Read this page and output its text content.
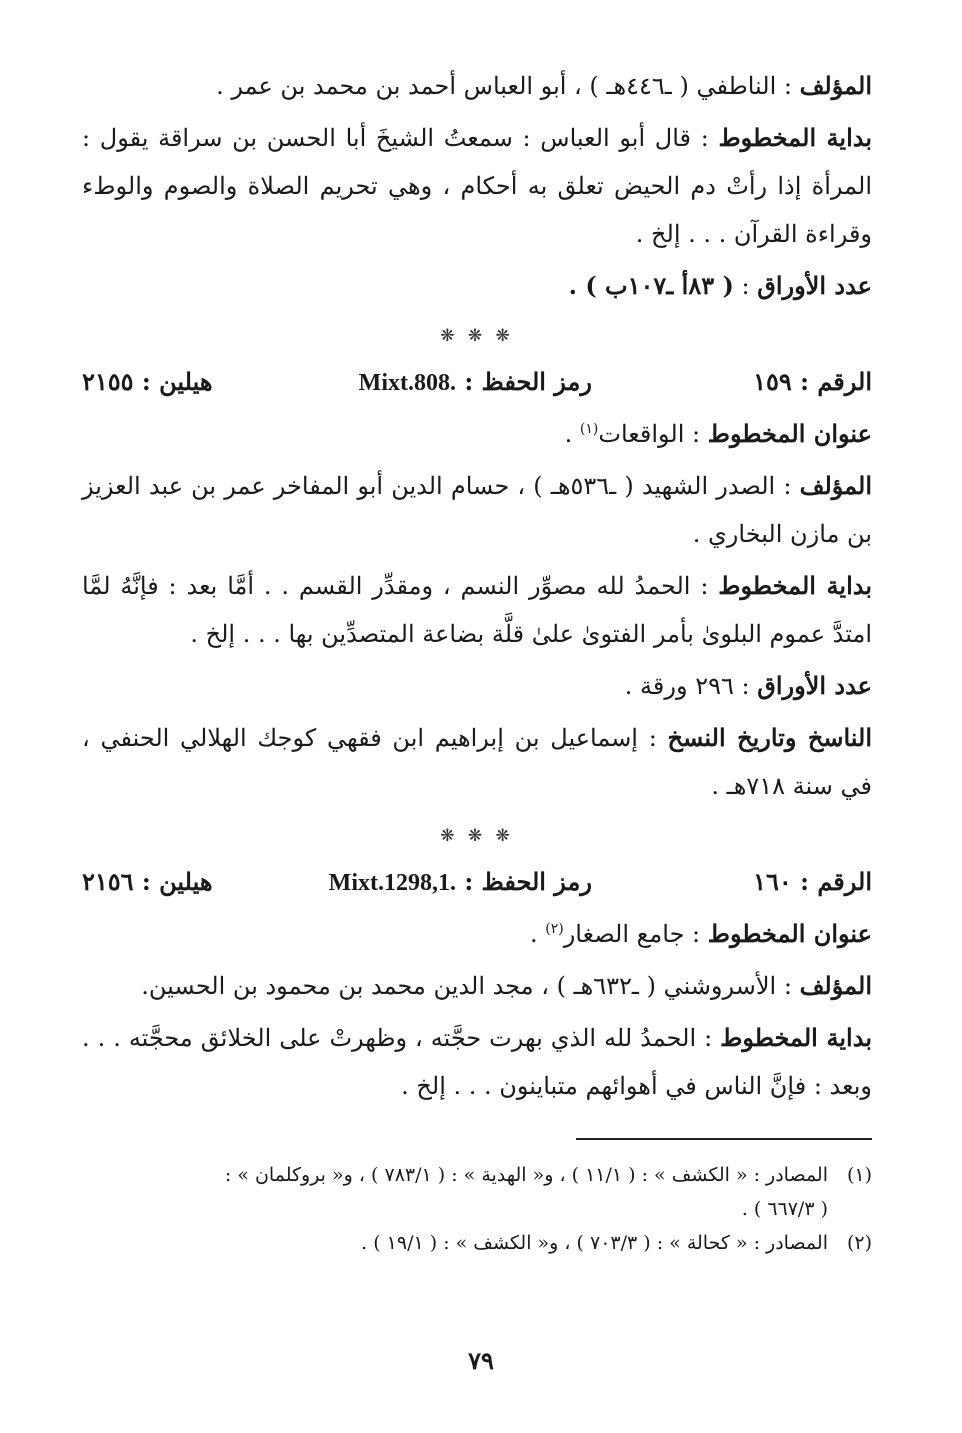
المؤلف : الناطفي ( ـ٤٤٦هـ ) ، أبو العباس أحمد بن محمد بن عمر .

بداية المخطوط : قال أبو العباس : سمعتُ الشيخَ أبا الحسن بن سراقة يقول : المرأة إذا رأتْ دم الحيض تعلق به أحكام ، وهي تحريم الصلاة والصوم والوطء وقراءة القرآن . . . إلخ .

عدد الأوراق : ( ٨٣أ ـ١٠٧ب ) .

❋ ❋ ❋
الرقم : ١٥٩
رمز الحفظ : Mixt.808.
هيلين : ٢١٥٥

عنوان المخطوط : الواقعات$^{(١)}$ .

المؤلف : الصدر الشهيد ( ـ٥٣٦هـ ) ، حسام الدين أبو المفاخر عمر بن عبد العزيز بن مازن البخاري .

بداية المخطوط : الحمدُ لله مصوِّر النسم ، ومقدِّر القسم . . أمَّا بعد : فإنَّهُ لمَّا امتدَّ عموم البلوىٰ بأمر الفتوىٰ علىٰ قلَّة بضاعة المتصدِّين بها . . . إلخ .

عدد الأوراق : ٢٩٦ ورقة .

الناسخ وتاريخ النسخ : إسماعيل بن إبراهيم ابن فقهي كوجك الهلالي الحنفي ، في سنة ٧١٨هـ .

❋ ❋ ❋
الرقم : ١٦٠
رمز الحفظ : Mixt.1298,1.
هيلين : ٢١٥٦

عنوان المخطوط : جامع الصغار$^{(٢)}$ .

المؤلف : الأسروشني ( ـ٦٣٢هـ ) ، مجد الدين محمد بن محمود بن الحسين.

بداية المخطوط : الحمدُ لله الذي بهرت حجَّته ، وظهرتْ على الخلائق محجَّته . . . وبعد : فإنَّ الناس في أهوائهم متباينون . . . إلخ .

(١)المصادر : « الكشف » : ( ١١/١ ) ، و« الهدية » : ( ٧٨٣/١ ) ، و« بروكلمان » :

( ٦٦٧/٣ ) .

(٢)المصادر : « كحالة » : ( ٧٠٣/٣ ) ، و« الكشف » : ( ١٩/١ ) .

٧٩
